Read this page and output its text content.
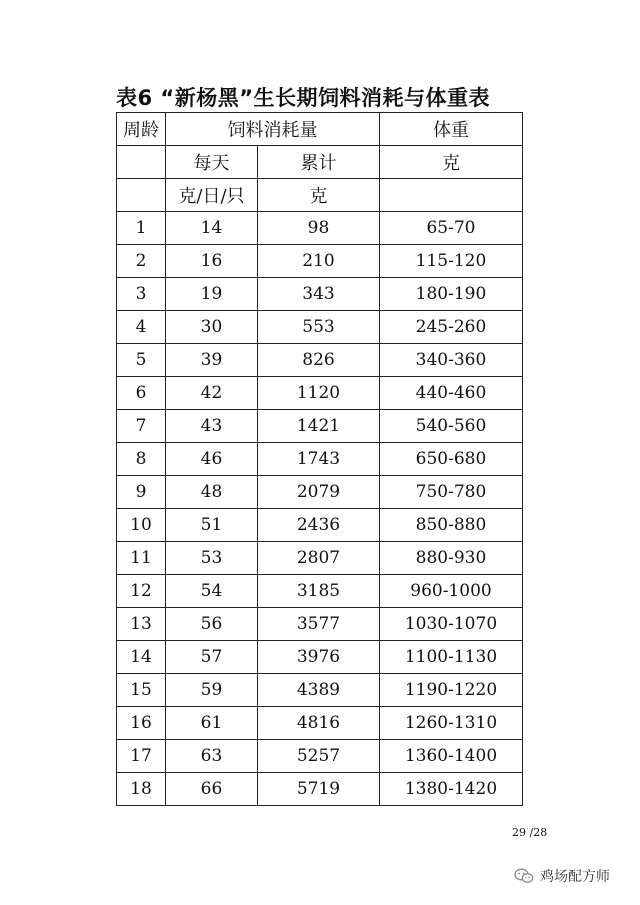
表6 “新杨黑”生长期饲料消耗与体重表
周龄	饲料消耗量		体重
	每天	累计	克
	克/日/只	克	
1	14	98	65-70
2	16	210	115-120
3	19	343	180-190
4	30	553	245-260
5	39	826	340-360
6	42	1120	440-460
7	43	1421	540-560
8	46	1743	650-680
9	48	2079	750-780
10	51	2436	850-880
11	53	2807	880-930
12	54	3185	960-1000
13	56	3577	1030-1070
14	57	3976	1100-1130
15	59	4389	1190-1220
16	61	4816	1260-1310
17	63	5257	1360-1400
18	66	5719	1380-1420
29 /28
鸡场配方师
